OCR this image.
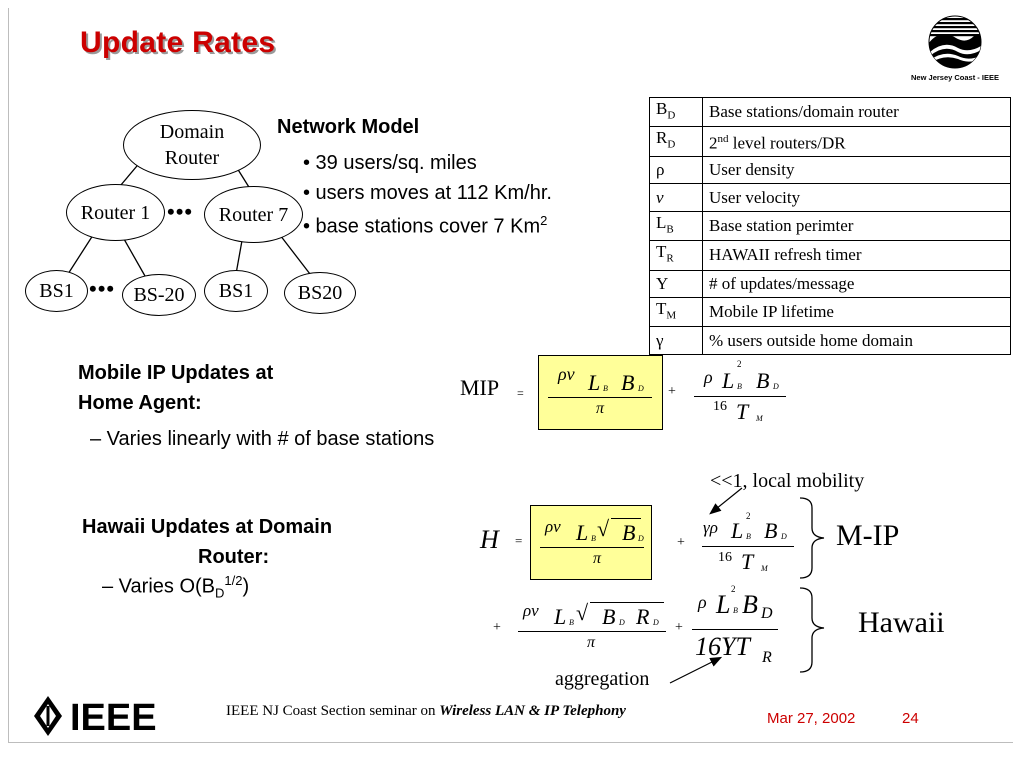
Update Rates
New Jersey Coast - IEEE
Domain
Router
Router 1 ••• Router 7
BS1 ••• BS-20 BS1 BS20
Network Model
• 39 users/sq. miles
• users moves at 112 Km/hr.
• base stations cover 7 Km$^2$
$B_D$	Base stations/domain router
$R_D$	2nd level routers/DR
ρ	User density
v	User velocity
$L_B$	Base station perimter
$T_R$	HAWAII refresh timer
Y	# of updates/message
$T_M$	Mobile IP lifetime
γ	% users outside home domain
Mobile IP Updates at
Home Agent:
– Varies linearly with # of base stations
MIP =
ρν L B B D
π
+
ρ
2
L B B D
16 T M
Hawaii Updates at Domain
Router:
– Varies $O(B_D^{1/2})$
<<1, local mobility
H =
ρν L B √ B D
π
+
γρ
2
L B B D
16 T M
+
ρν L B √ B D R D
π
+
ρ
2
L B B D
16YT R
M-IP
Hawaii
aggregation
IEEE	IEEE NJ Coast Section seminar on Wireless LAN & IP Telephony	Mar 27, 2002	24
